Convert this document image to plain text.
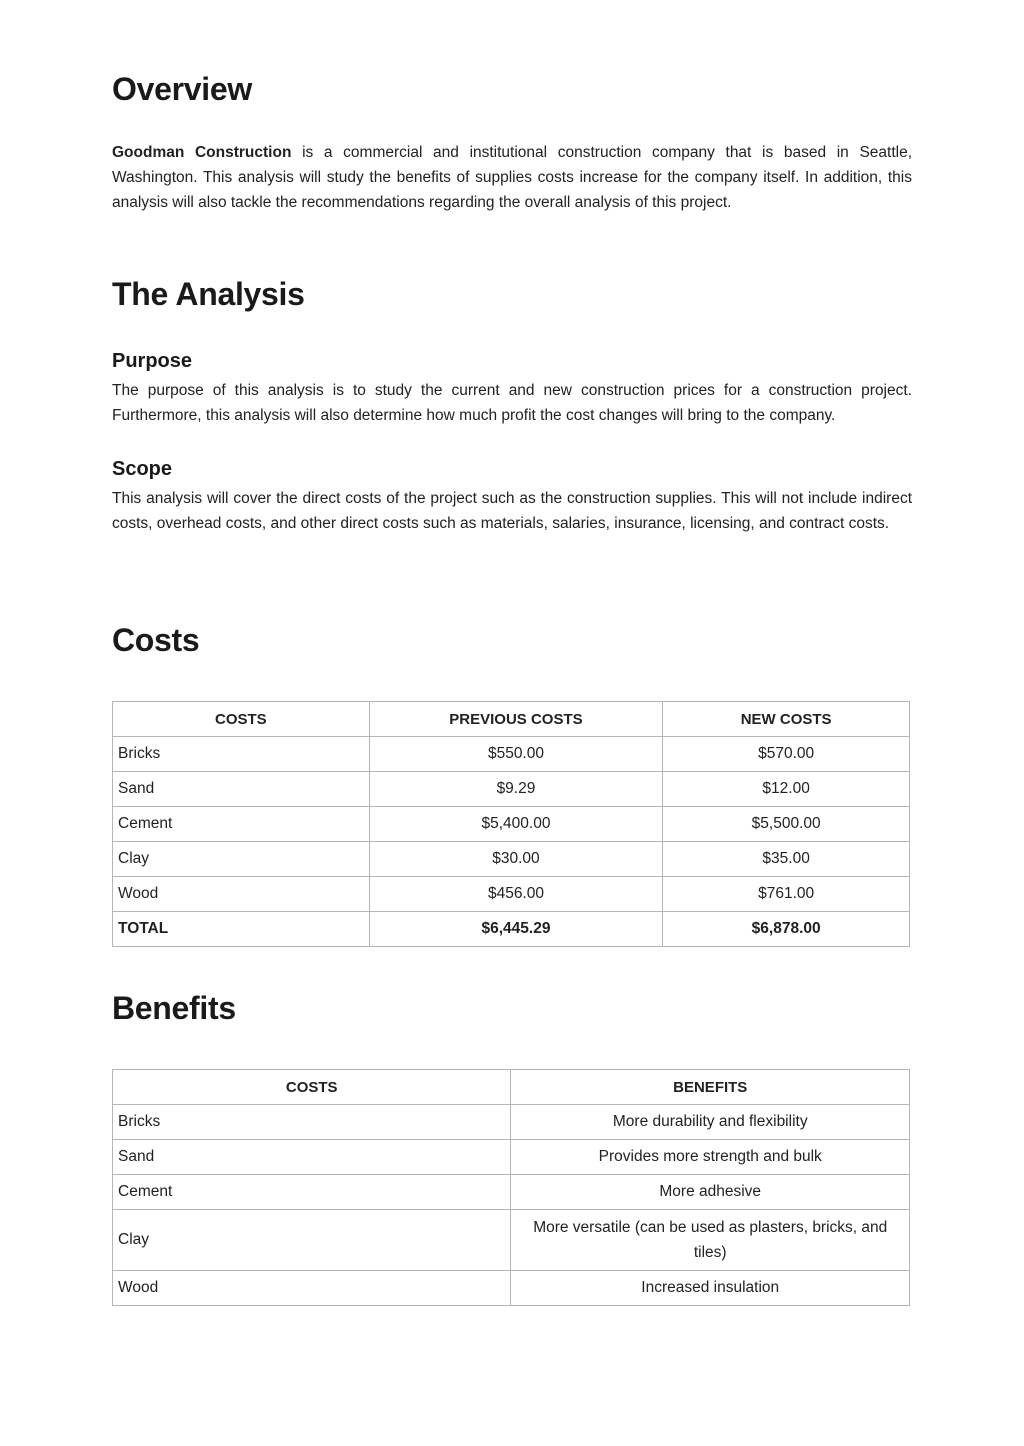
Overview

Goodman Construction is a commercial and institutional construction company that is based in Seattle, Washington. This analysis will study the benefits of supplies costs increase for the company itself. In addition, this analysis will also tackle the recommendations regarding the overall analysis of this project.

The Analysis
Purpose

The purpose of this analysis is to study the current and new construction prices for a construction project. Furthermore, this analysis will also determine how much profit the cost changes will bring to the company.

Scope

This analysis will cover the direct costs of the project such as the construction supplies. This will not include indirect costs, overhead costs, and other direct costs such as materials, salaries, insurance, licensing, and contract costs.

Costs
COSTS	PREVIOUS COSTS	NEW COSTS
Bricks	$550.00	$570.00
Sand	$9.29	$12.00
Cement	$5,400.00	$5,500.00
Clay	$30.00	$35.00
Wood	$456.00	$761.00
TOTAL	$6,445.29	$6,878.00
Benefits
COSTS	BENEFITS
Bricks	More durability and flexibility
Sand	Provides more strength and bulk
Cement	More adhesive
Clay	More versatile (can be used as plasters, bricks, and tiles)
Wood	Increased insulation
